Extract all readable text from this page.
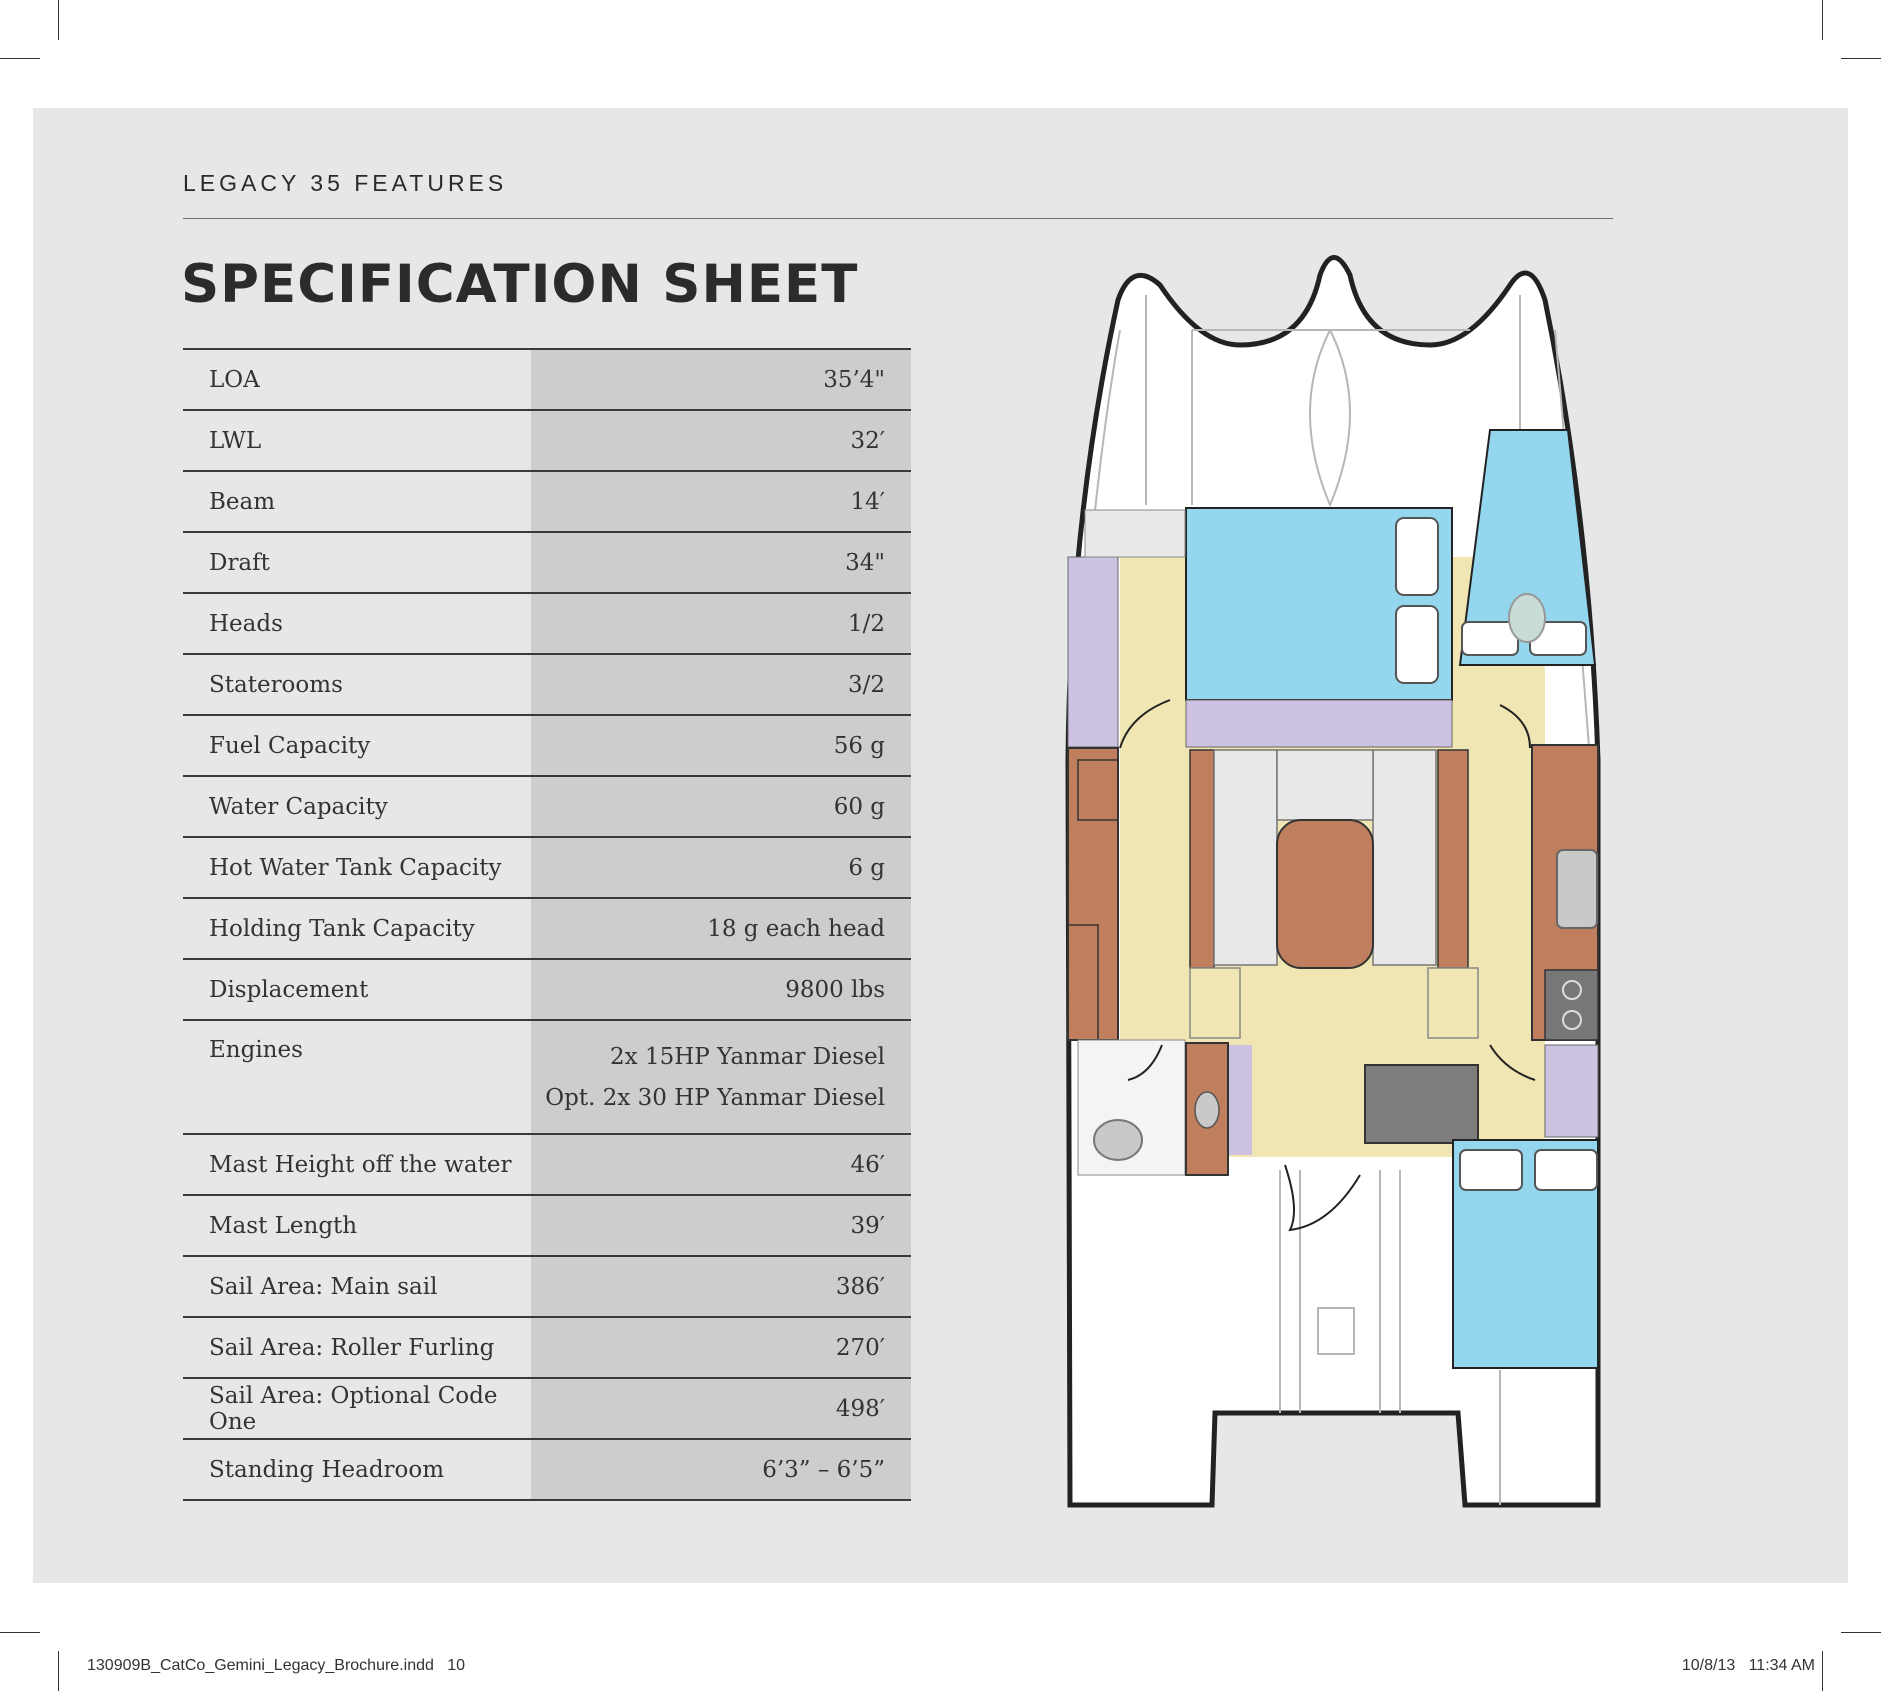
LEGACY 35 FEATURES
SPECIFICATION SHEET
LOA	35’4"
LWL	32′
Beam	14′
Draft	34"
Heads	1/2
Staterooms	3/2
Fuel Capacity	56 g
Water Capacity	60 g
Hot Water Tank Capacity	6 g
Holding Tank Capacity	18 g each head
Displacement	9800 lbs
Engines	2x 15HP Yanmar Diesel
Opt. 2x 30 HP Yanmar Diesel
Mast Height off the water	46′
Mast Length	39′
Sail Area: Main sail	386′
Sail Area: Roller Furling	270′
Sail Area: Optional Code One	498′
Standing Headroom	6’3” – 6’5”
130909B_CatCo_Gemini_Legacy_Brochure.indd   10	10/8/13   11:34 AM
